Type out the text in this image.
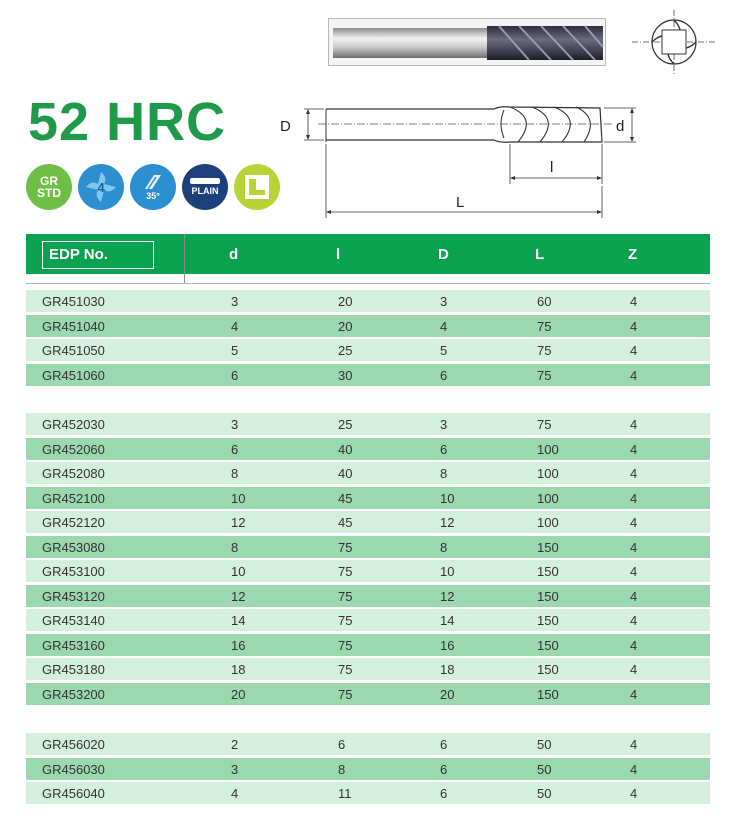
52 HRC	D	d
l
L
GR
STD	4
35°	PLAIN
EDP No.	d	l	D	L	Z
GR451030	3	20	3	60	4
GR451040	4	20	4	75	4
GR451050	5	25	5	75	4
GR451060	6	30	6	75	4
GR452030	3	25	3	75	4
GR452060	6	40	6	100	4
GR452080	8	40	8	100	4
GR452100	10	45	10	100	4
GR452120	12	45	12	100	4
GR453080	8	75	8	150	4
GR453100	10	75	10	150	4
GR453120	12	75	12	150	4
GR453140	14	75	14	150	4
GR453160	16	75	16	150	4
GR453180	18	75	18	150	4
GR453200	20	75	20	150	4
GR456020	2	6	6	50	4
GR456030	3	8	6	50	4
GR456040	4	11	6	50	4
